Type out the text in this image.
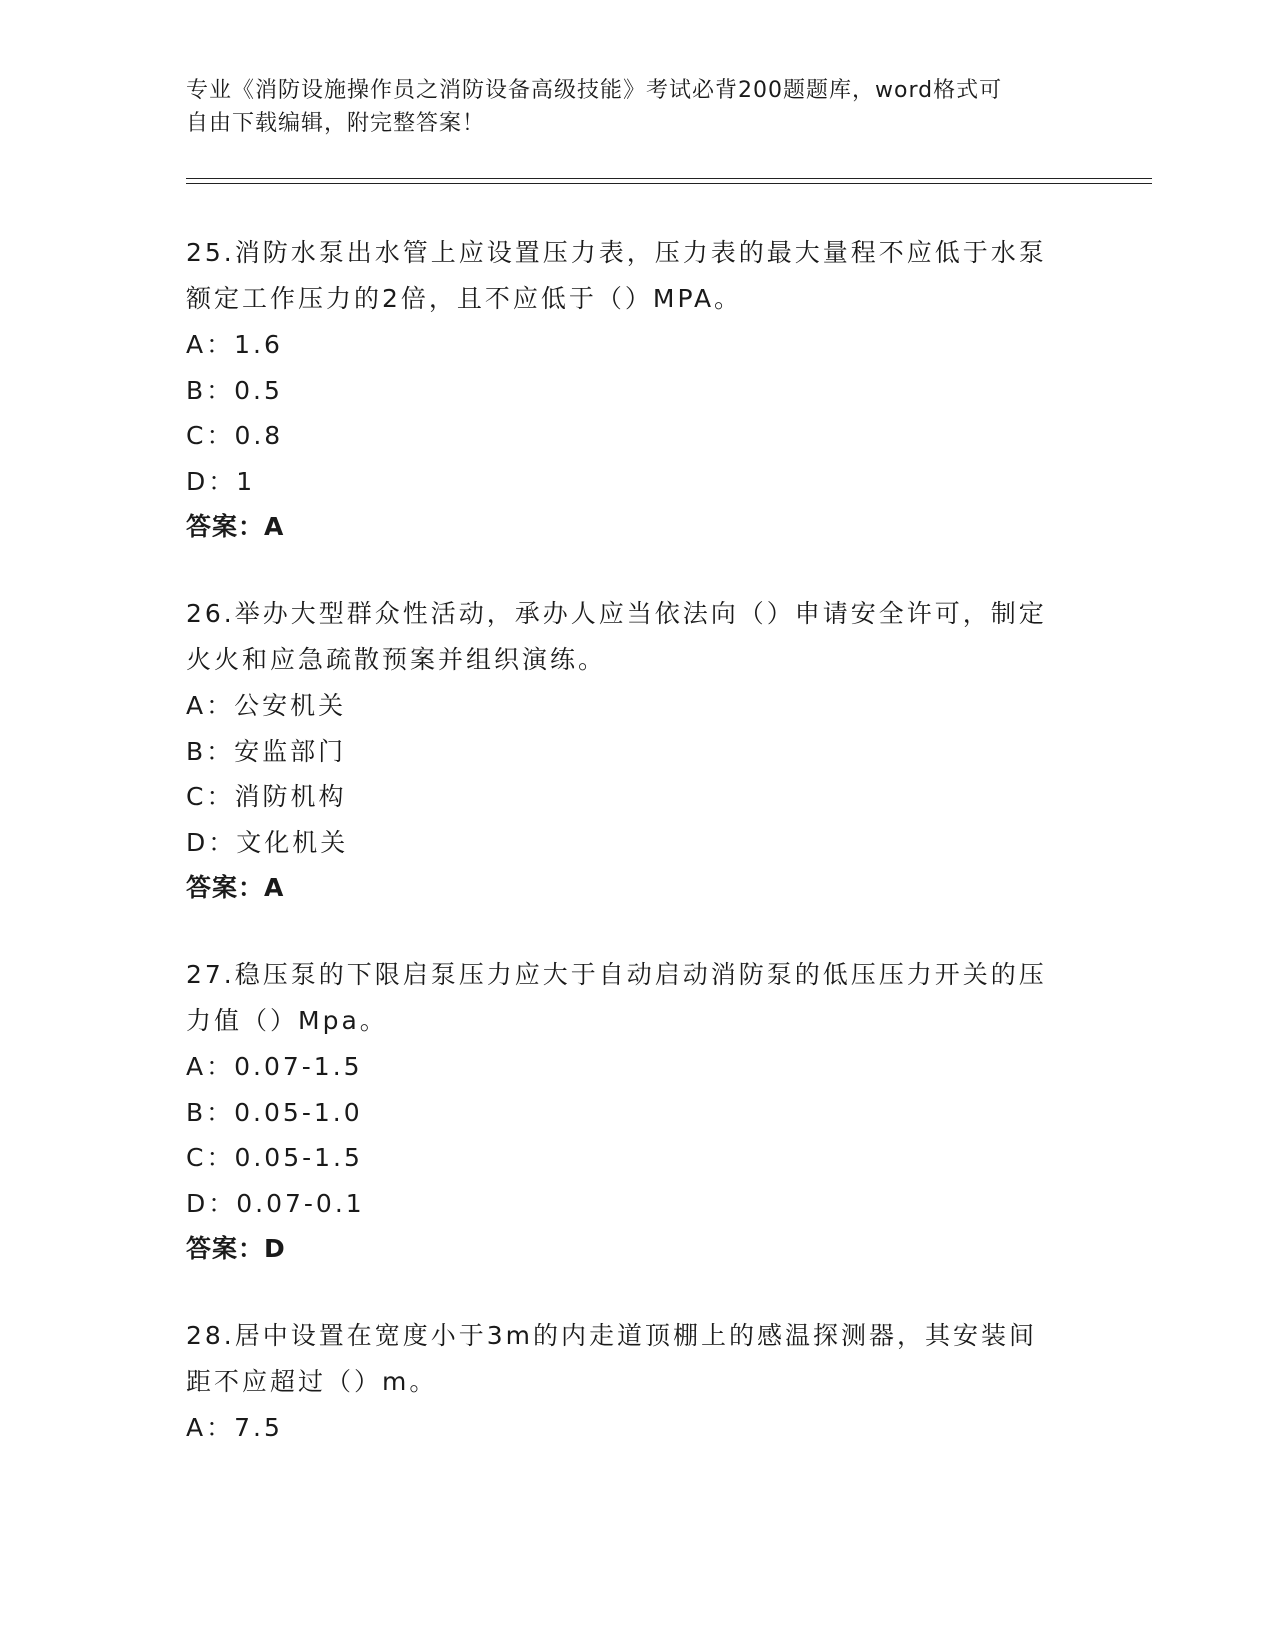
专业《消防设施操作员之消防设备高级技能》考试必背200题题库，word格式可
自由下载编辑，附完整答案！
25.消防水泵出水管上应设置压力表，压力表的最大量程不应低于水泵
额定工作压力的2倍，且不应低于（）MPA。
A：1.6
B：0.5
C：0.8
D：1
答案：A
26.举办大型群众性活动，承办人应当依法向（）申请安全许可，制定
火火和应急疏散预案并组织演练。
A：公安机关
B：安监部门
C：消防机构
D：文化机关
答案：A
27.稳压泵的下限启泵压力应大于自动启动消防泵的低压压力开关的压
力值（）Mpa。
A：0.07-1.5
B：0.05-1.0
C：0.05-1.5
D：0.07-0.1
答案：D
28.居中设置在宽度小于3m的内走道顶棚上的感温探测器，其安装间
距不应超过（）m。
A：7.5
